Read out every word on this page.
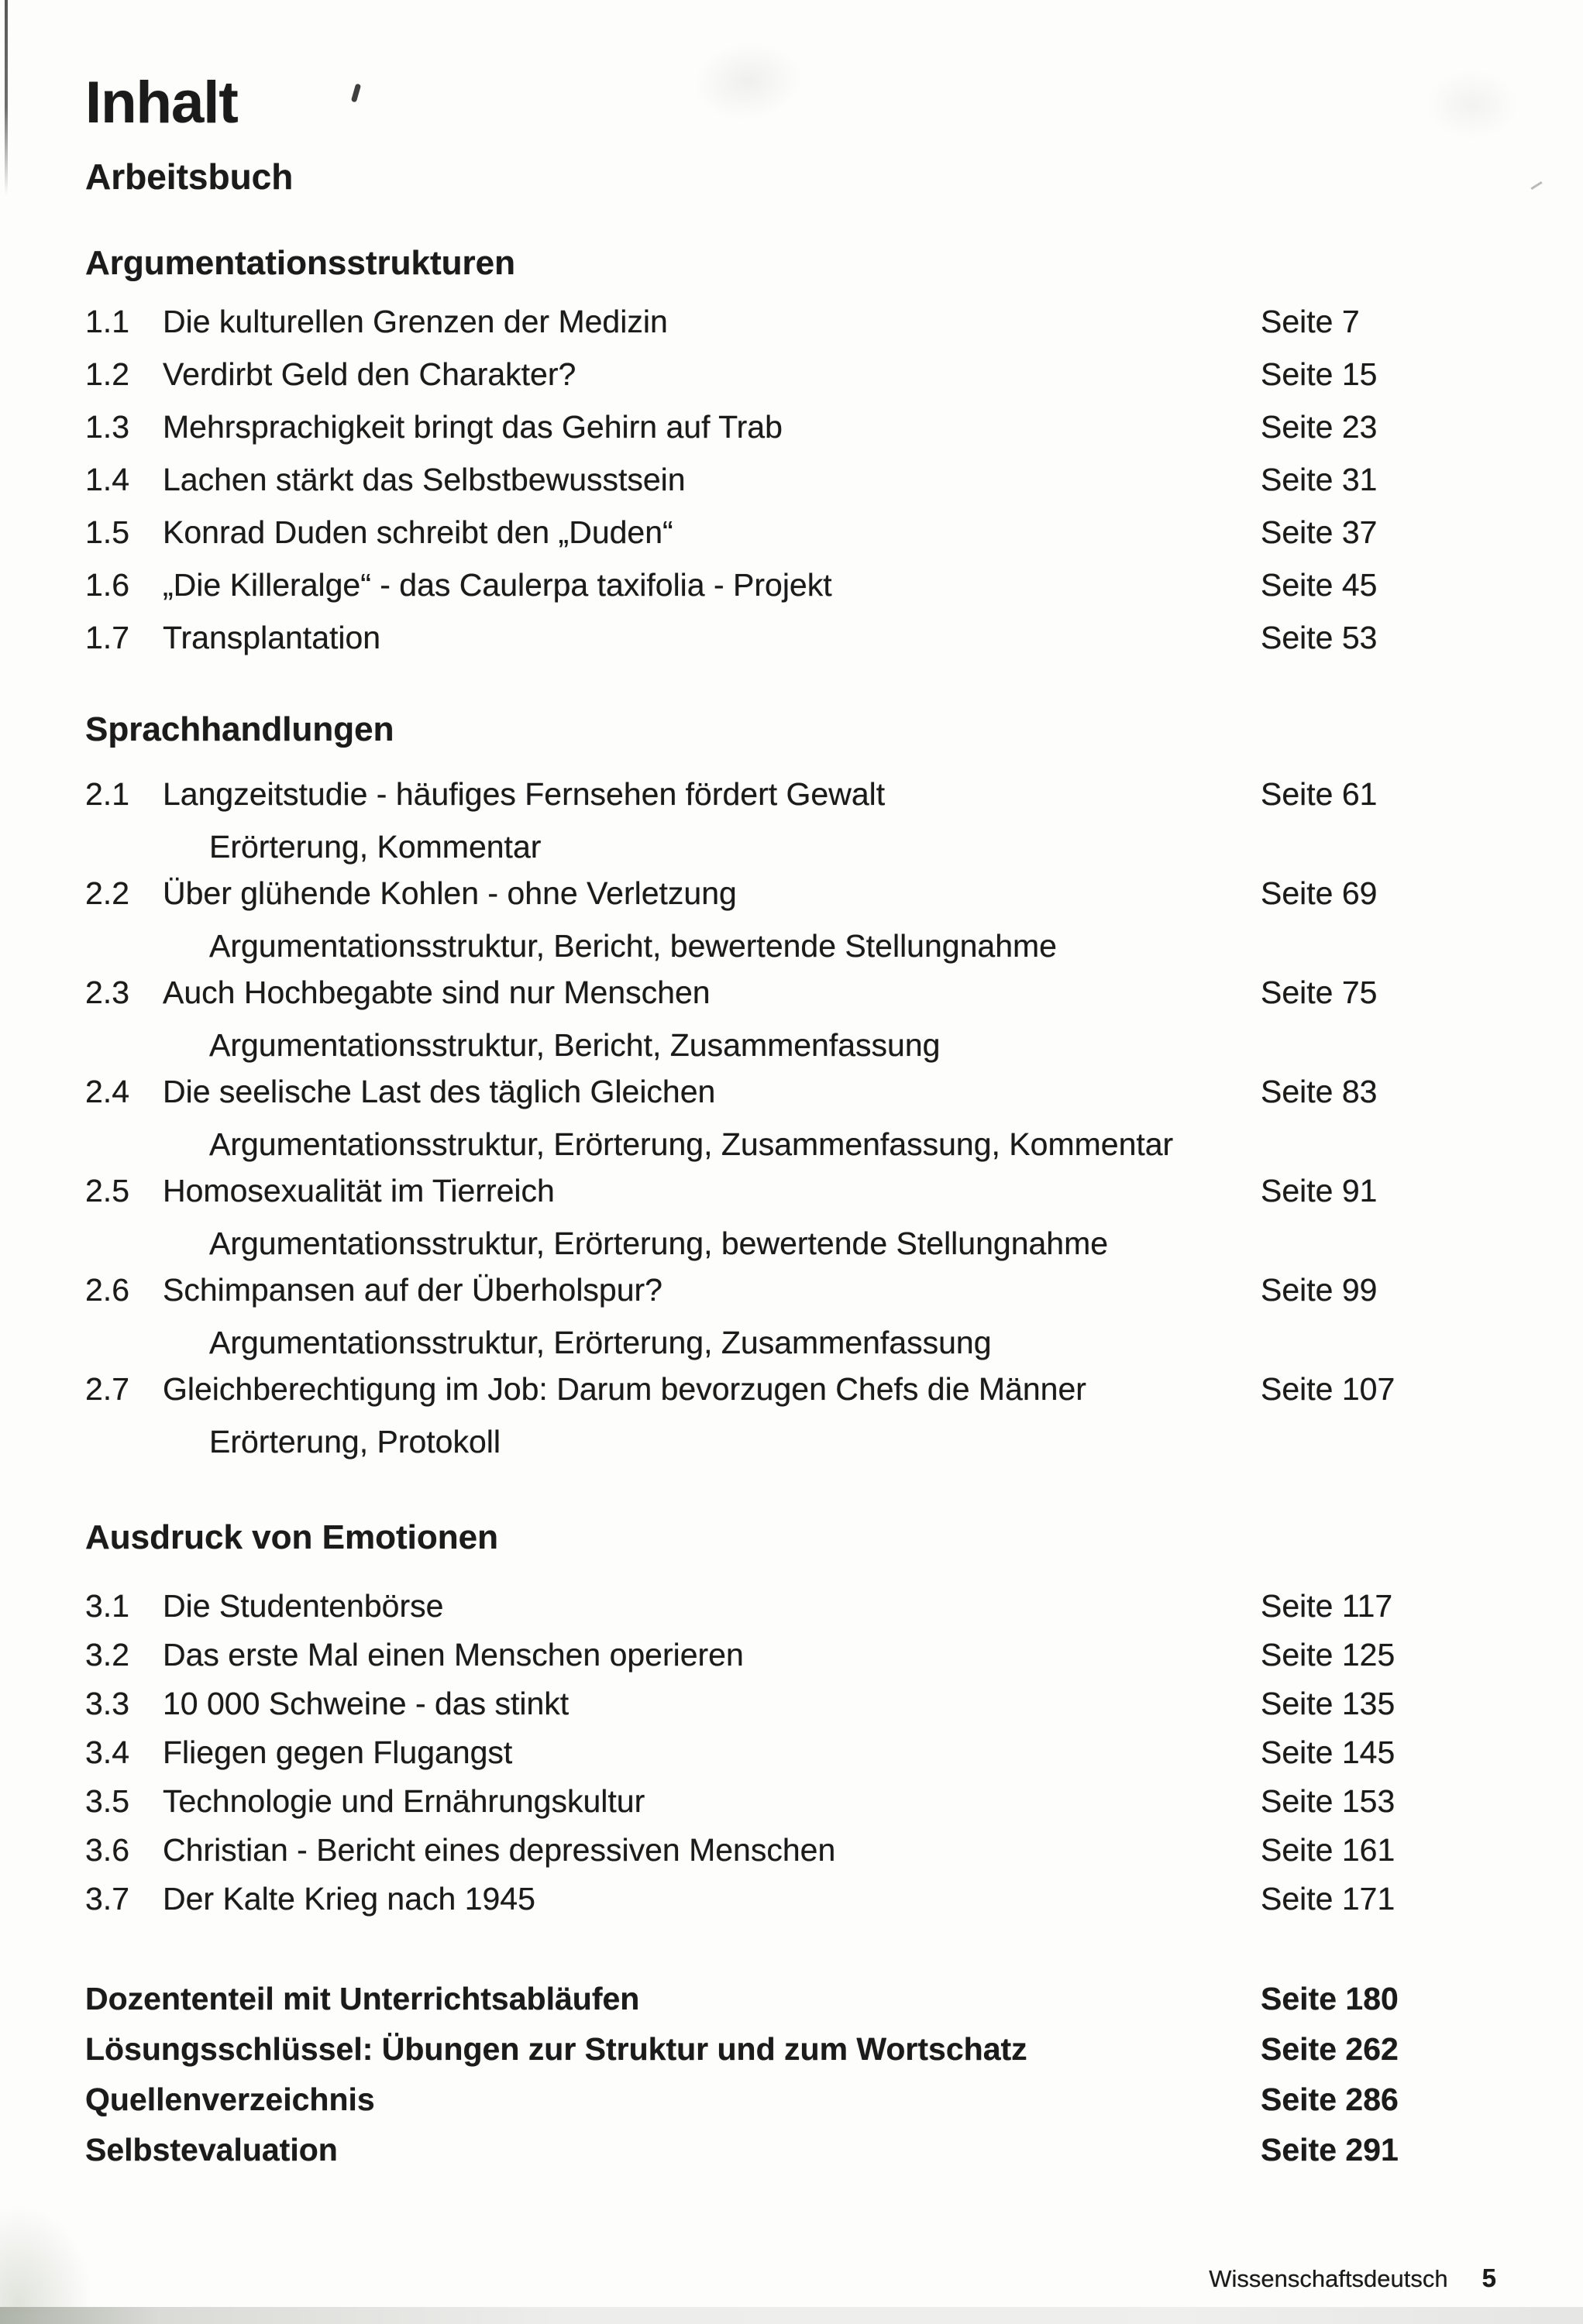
Inhalt
Arbeitsbuch
Argumentationsstrukturen
1.1	Die kulturellen Grenzen der Medizin	Seite 7
1.2	Verdirbt Geld den Charakter?	Seite 15
1.3	Mehrsprachigkeit bringt das Gehirn auf Trab	Seite 23
1.4	Lachen stärkt das Selbstbewusstsein	Seite 31
1.5	Konrad Duden schreibt den „Duden“	Seite 37
1.6	„Die Killeralge“ - das Caulerpa taxifolia - Projekt	Seite 45
1.7	Transplantation	Seite 53
Sprachhandlungen
2.1	Langzeitstudie - häufiges Fernsehen fördert Gewalt	Seite 61
Erörterung, Kommentar
2.2	Über glühende Kohlen - ohne Verletzung	Seite 69
Argumentationsstruktur, Bericht, bewertende Stellungnahme
2.3	Auch Hochbegabte sind nur Menschen	Seite 75
Argumentationsstruktur, Bericht, Zusammenfassung
2.4	Die seelische Last des täglich Gleichen	Seite 83
Argumentationsstruktur, Erörterung, Zusammenfassung, Kommentar
2.5	Homosexualität im Tierreich	Seite 91
Argumentationsstruktur, Erörterung, bewertende Stellungnahme
2.6	Schimpansen auf der Überholspur?	Seite 99
Argumentationsstruktur, Erörterung, Zusammenfassung
2.7	Gleichberechtigung im Job: Darum bevorzugen Chefs die Männer	Seite 107
Erörterung, Protokoll
Ausdruck von Emotionen
3.1	Die Studentenbörse	Seite 117
3.2	Das erste Mal einen Menschen operieren	Seite 125
3.3	10 000 Schweine - das stinkt	Seite 135
3.4	Fliegen gegen Flugangst	Seite 145
3.5	Technologie und Ernährungskultur	Seite 153
3.6	Christian - Bericht eines depressiven Menschen	Seite 161
3.7	Der Kalte Krieg nach 1945	Seite 171
Dozententeil mit Unterrichtsabläufen	Seite 180
Lösungsschlüssel: Übungen zur Struktur und zum Wortschatz	Seite 262
Quellenverzeichnis	Seite 286
Selbstevaluation	Seite 291
Wissenschaftsdeutsch 5
